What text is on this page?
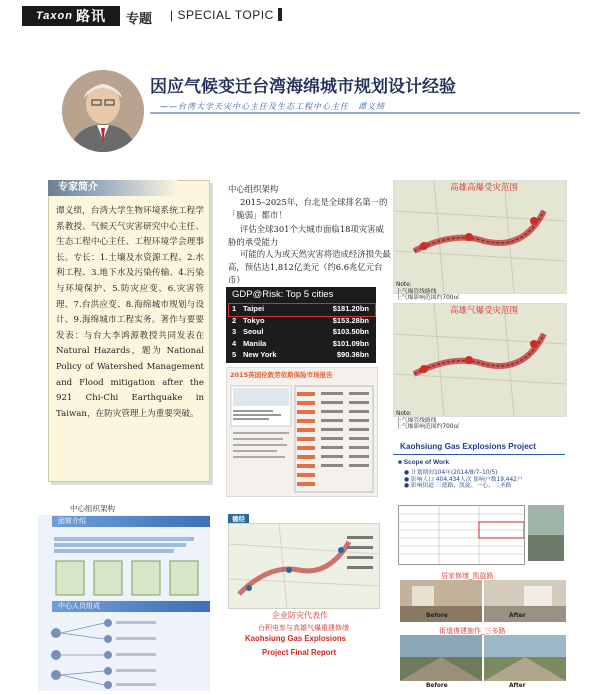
Taxon 路讯 专题 | SPECIAL TOPIC
因应气候变迁台湾海绵城市规划设计经验
——台湾大学天灾中心主任及生态工程中心主任　谭义绩
专家简介
谭义绩，台湾大学生物环境系统工程学系教授、气候天气灾害研究中心主任、生态工程中心主任、工程环境学会理事长。专长：1.土壤及水资源工程、2.水利工程、3.地下水及污染传输、4.污染与环境保护、5.防灾应变、6.灾害管理、7.台洪应变、8.海绵城市规划与设计、9.海绵城市工程实务。著作与要要发表：与台大李鸿源教授共同发表在 Natural Hazards，题为 National Policy of Watershed Management and Flood mitigation after the 921 Chi-Chi Earthquake in Taiwan，在防灾管理上为重要突破。
中心组织架构
2015–2025年，台北是全球排名第一的「脆弱」都市！
评估全球301个大城市面临18项灾害威胁的承受能力
可能的人为或天然灾害将造成经济损失最高，预估达1,812亿美元（约6.6兆亿元台币）
GDP@Risk: Top 5 cities
1 Taipei	$181.20bn
2 Tokyo	$153.28bn
3 Seoul	$103.50bn
4 Manila	$101.09bn
5 New York	$90.36bn
2015英国伦敦劳依斯保险市场报告
高雄高爆受灾范围
Note:
上气爆管线路线
上气爆影响范围约700㎡
高雄气爆受灾范围
Note:
上气爆管线路线
上气爆影响范围约700㎡
Kaohsiung Gas Explosions Project
■ Scope of Work
● 计划期间104年(2014/8/7–10/5)
● 影响人口 404,434人次 影响户数19,442户
● 影响街道 三德路、凯旋、一心、二圣路
居家修缮_凯旋路
Before	After
街道復建施作_三多路
Before	After
中心组织架构
团简介绍
中心人员组成
德经
企业防灾代表作
台积电参与高雄气爆重建修缮
Kaohsiung Gas Explosions
Project Final Report
